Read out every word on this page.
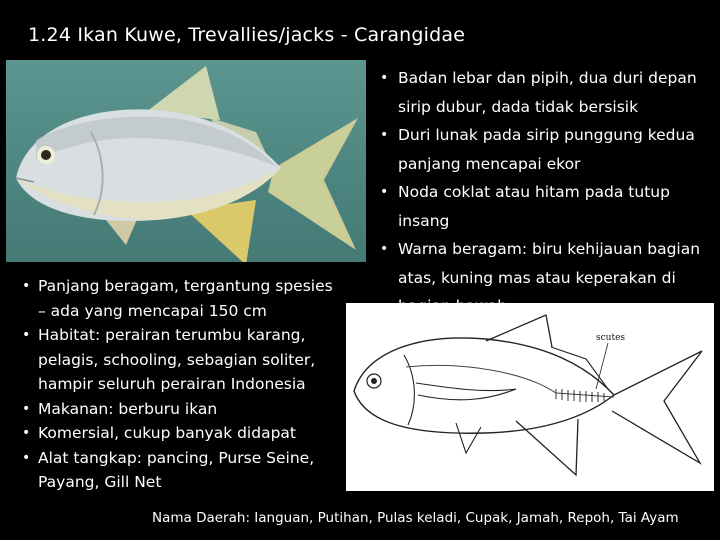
1.24 Ikan Kuwe, Trevallies/jacks - Carangidae
• Badan lebar dan pipih, dua duri depan sirip dubur, dada tidak bersisik
• Duri lunak pada sirip punggung kedua panjang mencapai ekor
• Noda coklat atau hitam pada tutup insang
• Warna beragam: biru kehijauan bagian atas, kuning mas atau keperakan di
• Panjang beragam, tergantung spesies – ada yang mencapai 150 cm
• Habitat: perairan terumbu karang, pelagis, schooling, sebagian soliter, hampir seluruh perairan Indonesia
• Makanan: berburu ikan
• Komersial, cukup banyak didapat
• Alat tangkap: pancing, Purse Seine, Payang, Gill Net
scutes
Nama Daerah: Ianguan, Putihan, Pulas keladi, Cupak, Jamah, Repoh, Tai Ayam
